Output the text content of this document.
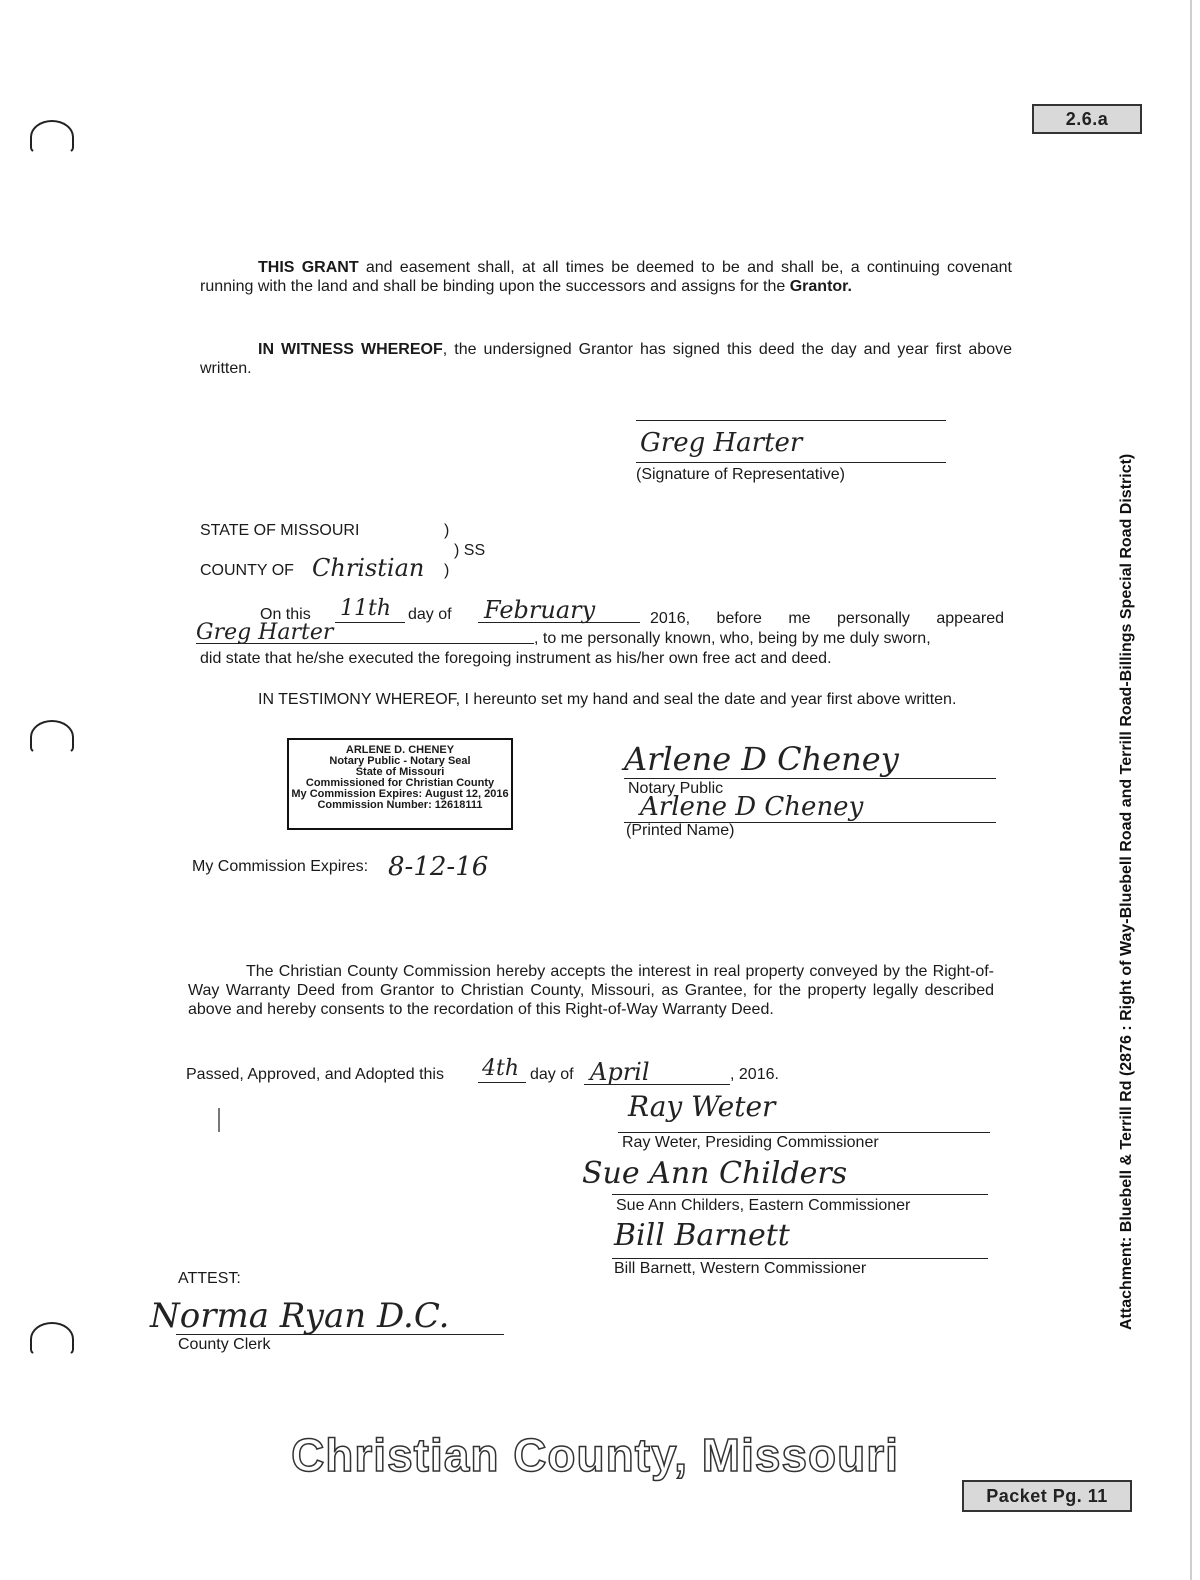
2.6.a
Attachment: Bluebell & Terrill Rd (2876 : Right of Way-Bluebell Road and Terrill Road-Billings Special Road District)
THIS GRANT and easement shall, at all times be deemed to be and shall be, a continuing covenant running with the land and shall be binding upon the successors and assigns for the Grantor.
IN WITNESS WHEREOF, the undersigned Grantor has signed this deed the day and year first above written.
Greg Harter
(Signature of Representative)
STATE OF MISSOURI	)
) SS
COUNTY OF Christian )
On this 11th day of February	2016, before me personally appeared
Greg Harter	, to me personally known, who, being by me duly sworn,
did state that he/she executed the foregoing instrument as his/her own free act and deed.
IN TESTIMONY WHEREOF, I hereunto set my hand and seal the date and year first above written.
ARLENE D. CHENEY
Notary Public - Notary Seal
State of Missouri
Commissioned for Christian County
My Commission Expires: August 12, 2016
Commission Number: 12618111
Arlene D Cheney
Notary Public
Arlene D Cheney
(Printed Name)
My Commission Expires: 8-12-16
The Christian County Commission hereby accepts the interest in real property conveyed by the Right-of-Way Warranty Deed from Grantor to Christian County, Missouri, as Grantee, for the property legally described above and hereby consents to the recordation of this Right-of-Way Warranty Deed.
Passed, Approved, and Adopted this 4th day of April	, 2016.
Ray Weter
Ray Weter, Presiding Commissioner
Sue Ann Childers
Sue Ann Childers, Eastern Commissioner
Bill Barnett
Bill Barnett, Western Commissioner
ATTEST:
Norma Ryan D.C.
County Clerk
Christian County, Missouri
Packet Pg. 11
